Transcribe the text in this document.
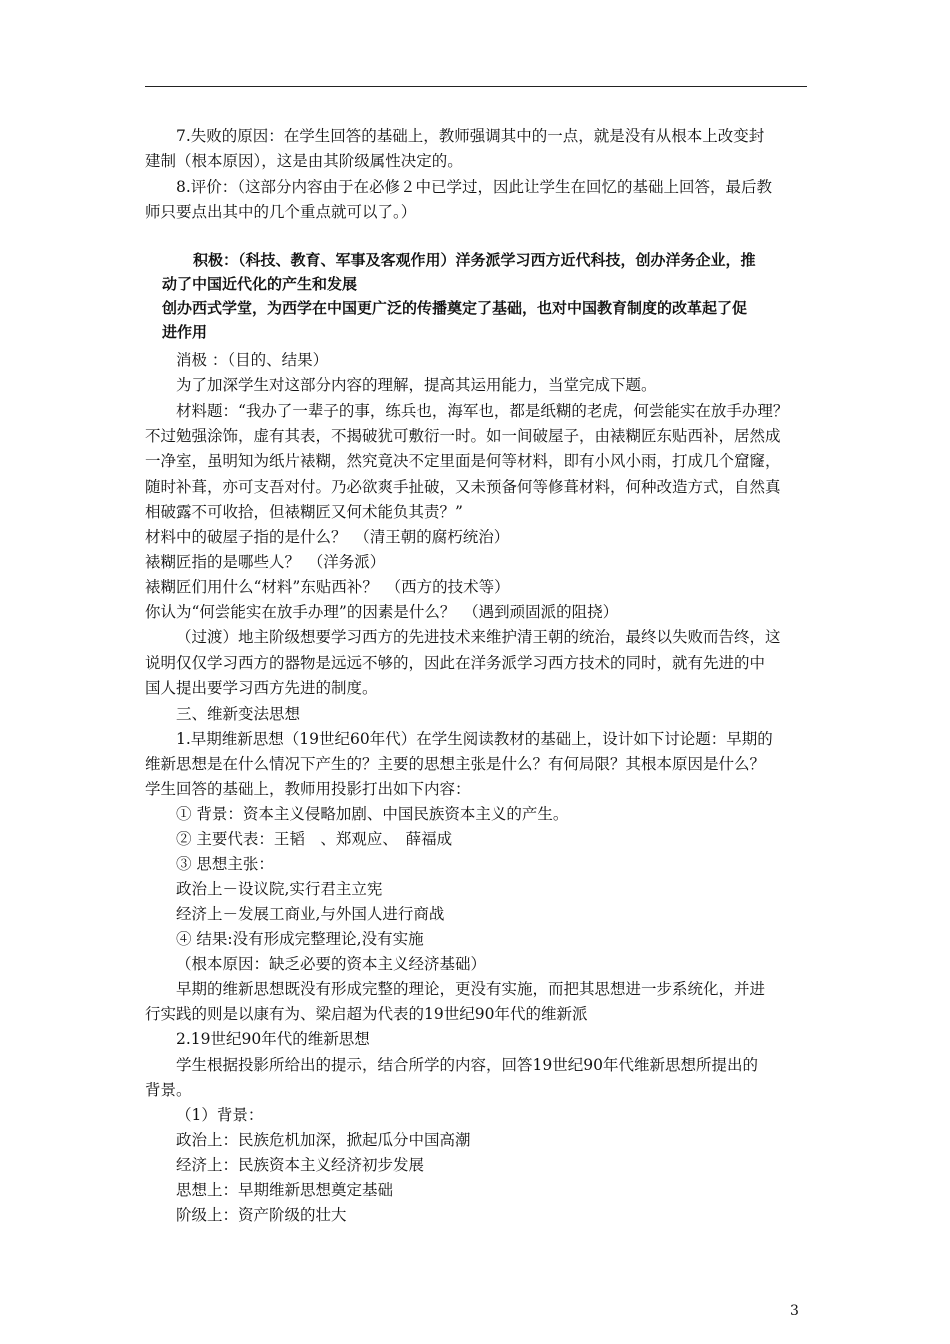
7.失败的原因：在学生回答的基础上，教师强调其中的一点，就是没有从根本上改变封
建制（根本原因），这是由其阶级属性决定的。
8.评价：（这部分内容由于在必修２中已学过，因此让学生在回忆的基础上回答，最后教
师只要点出其中的几个重点就可以了。）
积极：（科技、教育、军事及客观作用）洋务派学习西方近代科技，创办洋务企业，推
动了中国近代化的产生和发展
创办西式学堂，为西学在中国更广泛的传播奠定了基础，也对中国教育制度的改革起了促
进作用
消极 ：（目的、结果）
为了加深学生对这部分内容的理解，提高其运用能力，当堂完成下题。
材料题：“我办了一辈子的事，练兵也，海军也，都是纸糊的老虎，何尝能实在放手办理？
不过勉强涂饰，虚有其表，不揭破犹可敷衍一时。如一间破屋子，由裱糊匠东贴西补，居然成
一净室，虽明知为纸片裱糊，然究竟决不定里面是何等材料，即有小风小雨，打成几个窟窿，
随时补葺，亦可支吾对付。乃必欲爽手扯破，又未预备何等修葺材料，何种改造方式，自然真
相破露不可收拾，但裱糊匠又何术能负其责？”
材料中的破屋子指的是什么？　（清王朝的腐朽统治）
裱糊匠指的是哪些人？　（洋务派）
裱糊匠们用什么“材料”东贴西补？　（西方的技术等）
你认为“何尝能实在放手办理”的因素是什么？　（遇到顽固派的阻挠）
（过渡）地主阶级想要学习西方的先进技术来维护清王朝的统治，最终以失败而告终，这
说明仅仅学习西方的器物是远远不够的，因此在洋务派学习西方技术的同时，就有先进的中
国人提出要学习西方先进的制度。
三、维新变法思想
1.早期维新思想（19世纪60年代）在学生阅读教材的基础上，设计如下讨论题：早期的
维新思想是在什么情况下产生的？主要的思想主张是什么？有何局限？其根本原因是什么？
学生回答的基础上，教师用投影打出如下内容：
① 背景：资本主义侵略加剧、中国民族资本主义的产生。
② 主要代表：王韬　、郑观应、　薛福成
③ 思想主张：
政治上－设议院,实行君主立宪
经济上－发展工商业,与外国人进行商战
④ 结果:没有形成完整理论,没有实施
（根本原因：缺乏必要的资本主义经济基础）
早期的维新思想既没有形成完整的理论，更没有实施，而把其思想进一步系统化，并进
行实践的则是以康有为、梁启超为代表的19世纪90年代的维新派
2.19世纪90年代的维新思想
学生根据投影所给出的提示，结合所学的内容，回答19世纪90年代维新思想所提出的
背景。
（1）背景：
政治上：民族危机加深，掀起瓜分中国高潮
经济上：民族资本主义经济初步发展
思想上：早期维新思想奠定基础
阶级上：资产阶级的壮大
3
